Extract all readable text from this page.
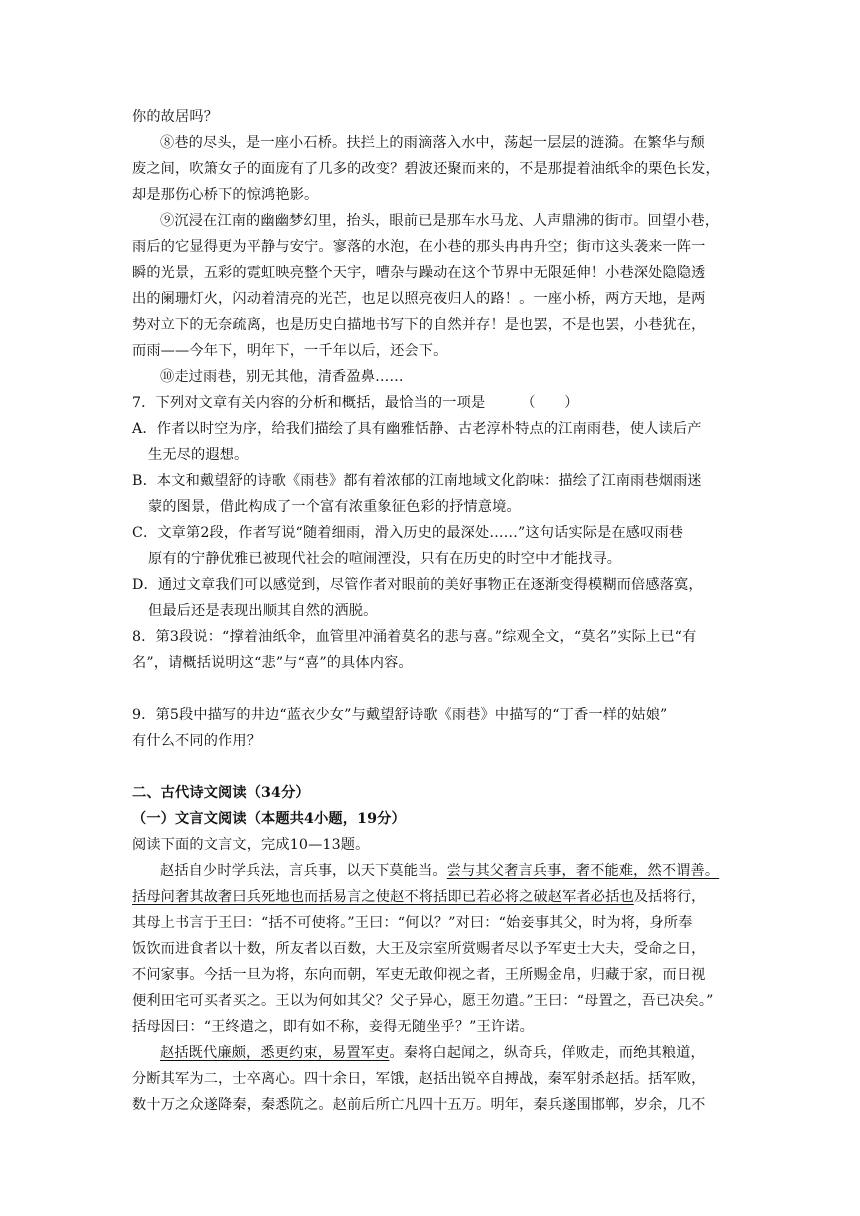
你的故居吗？
⑧巷的尽头，是一座小石桥。扶拦上的雨滴落入水中，荡起一层层的涟漪。在繁华与颓
废之间，吹箫女子的面庞有了几多的改变？碧波还聚而来的，不是那提着油纸伞的栗色长发，
却是那伤心桥下的惊鸿艳影。
⑨沉浸在江南的幽幽梦幻里，抬头，眼前已是那车水马龙、人声鼎沸的街市。回望小巷，
雨后的它显得更为平静与安宁。寥落的水泡，在小巷的那头冉冉升空；街市这头袭来一阵一
瞬的光景，五彩的霓虹映亮整个天宇，嘈杂与躁动在这个节界中无限延伸！小巷深处隐隐透
出的阑珊灯火，闪动着清亮的光芒，也足以照亮夜归人的路！。一座小桥，两方天地，是两
势对立下的无奈疏离，也是历史白描地书写下的自然并存！是也罢，不是也罢，小巷犹在，
而雨——今年下，明年下，一千年以后，还会下。
⑩走过雨巷，别无其他，清香盈鼻……
7．下列对文章有关内容的分析和概括，最恰当的一项是　　　（　　）
A．作者以时空为序，给我们描绘了具有幽雅恬静、古老淳朴特点的江南雨巷，使人读后产
生无尽的遐想。
B．本文和戴望舒的诗歌《雨巷》都有着浓郁的江南地域文化韵味：描绘了江南雨巷烟雨迷
蒙的图景，借此构成了一个富有浓重象征色彩的抒情意境。
C．文章第2段，作者写说“随着细雨，滑入历史的最深处……”这句话实际是在感叹雨巷
原有的宁静优雅已被现代社会的喧闹湮没，只有在历史的时空中才能找寻。
D．通过文章我们可以感觉到，尽管作者对眼前的美好事物正在逐渐变得模糊而倍感落寞，
但最后还是表现出顺其自然的洒脱。
8．第3段说：“撑着油纸伞，血管里冲涌着莫名的悲与喜。”综观全文，“莫名”实际上已“有
名”，请概括说明这“悲”与“喜”的具体内容。
9．第5段中描写的井边“蓝衣少女”与戴望舒诗歌《雨巷》中描写的“丁香一样的姑娘”
有什么不同的作用？
二、古代诗文阅读（34分）
（一）文言文阅读（本题共4小题，19分）
阅读下面的文言文，完成10—13题。
赵括自少时学兵法，言兵事，以天下莫能当。尝与其父奢言兵事，奢不能难，然不谓善。
括母问奢其故奢曰兵死地也而括易言之使赵不将括即已若必将之破赵军者必括也及括将行，
其母上书言于王曰：“括不可使将。”王曰：“何以？”对曰：“始妾事其父，时为将，身所奉
饭饮而进食者以十数，所友者以百数，大王及宗室所赏赐者尽以予军吏士大夫，受命之日，
不问家事。今括一旦为将，东向而朝，军吏无敢仰视之者，王所赐金帛，归藏于家，而日视
便利田宅可买者买之。王以为何如其父？父子异心，愿王勿遣。”王曰：“母置之，吾已决矣。”
括母因曰：“王终遣之，即有如不称，妾得无随坐乎？”王许诺。
赵括既代廉颇，悉更约束，易置军吏。秦将白起闻之，纵奇兵，佯败走，而绝其粮道，
分断其军为二，士卒离心。四十余日，军饿，赵括出锐卒自搏战，秦军射杀赵括。括军败，
数十万之众遂降秦，秦悉阬之。赵前后所亡凡四十五万。明年，秦兵遂围邯郸，岁余，几不
